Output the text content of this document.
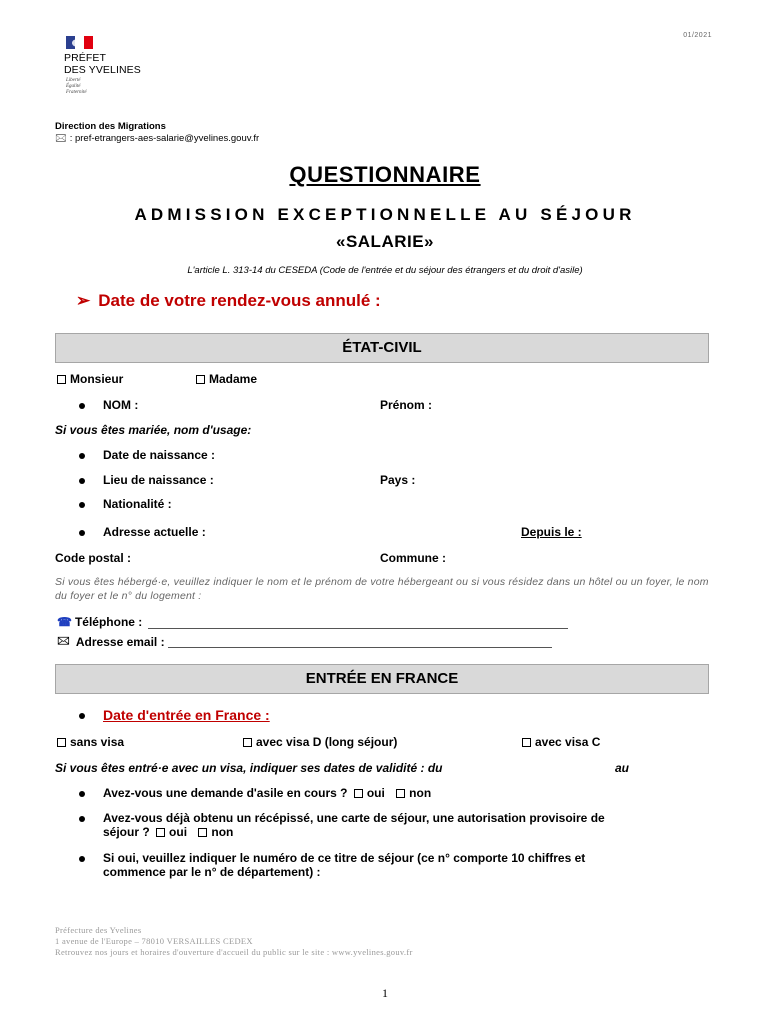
01/2021
PRÉFET
DES YVELINES
Liberté
Égalité
Fraternité
Direction des Migrations
🖂 : pref-etrangers-aes-salarie@yvelines.gouv.fr
QUESTIONNAIRE
ADMISSION EXCEPTIONNELLE AU SÉJOUR
«SALARIE»
L'article L. 313-14 du CESEDA (Code de l'entrée et du séjour des étrangers et du droit d'asile)
➢ Date de votre rendez-vous annulé :
ÉTAT-CIVIL
Monsieur	Madame
NOM :	Prénom :
Si vous êtes mariée, nom d'usage:
Date de naissance :
Lieu de naissance :	Pays :
Nationalité :
Adresse actuelle :	Depuis le :
Code postal :	Commune :
Si vous êtes hébergé·e, veuillez indiquer le nom et le prénom de votre hébergeant ou si vous résidez dans un hôtel ou un foyer, le nom du foyer et le n° du logement :
☎ Téléphone :
🖂 Adresse email :
ENTRÉE EN FRANCE
Date d'entrée en France :
sans visa	avec visa D (long séjour)	avec visa C
Si vous êtes entré·e avec un visa, indiquer ses dates de validité : du	au
Avez-vous une demande d'asile en cours ? oui non
Avez-vous déjà obtenu un récépissé, une carte de séjour, une autorisation provisoire de
séjour ? oui non
Si oui, veuillez indiquer le numéro de ce titre de séjour (ce n° comporte 10 chiffres et
commence par le n° de département) :
Préfecture des Yvelines
1 avenue de l'Europe – 78010 VERSAILLES CEDEX
Retrouvez nos jours et horaires d'ouverture d'accueil du public sur le site : www.yvelines.gouv.fr
1
